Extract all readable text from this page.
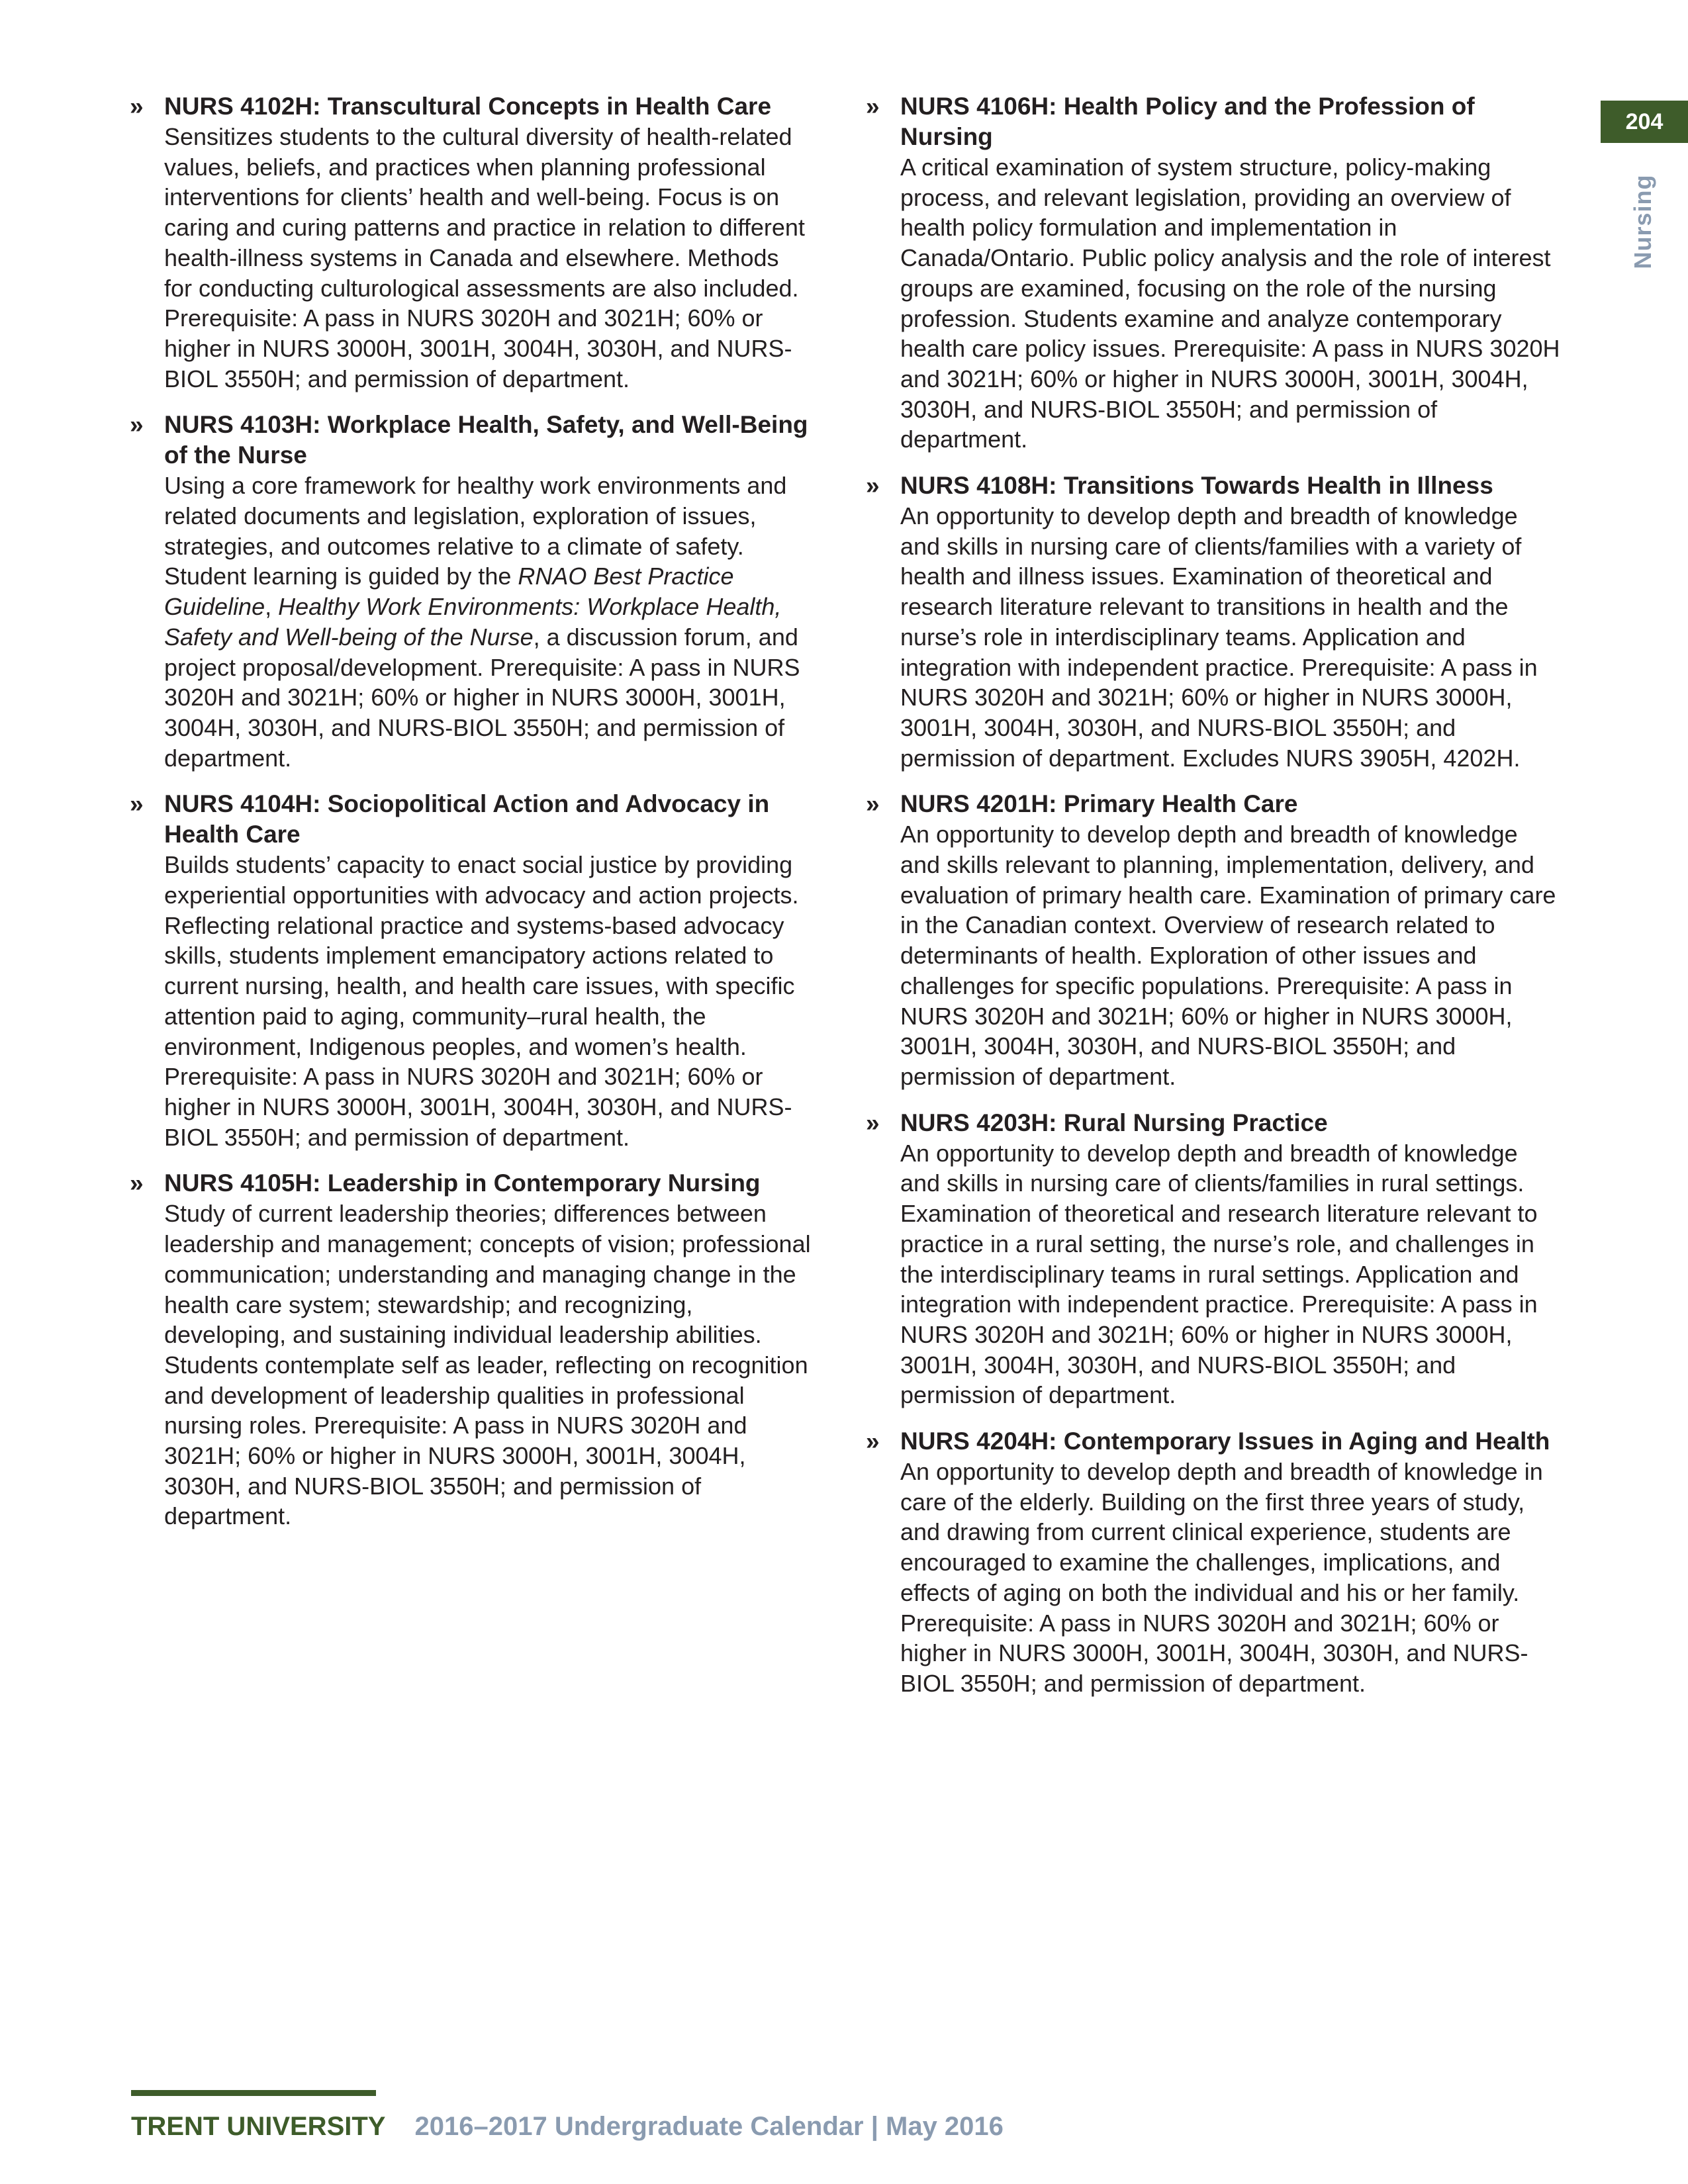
204
Nursing
» NURS 4102H: Transcultural Concepts in Health Care

Sensitizes students to the cultural diversity of health-related values, beliefs, and practices when planning professional interventions for clients’ health and well-being. Focus is on caring and curing patterns and practice in relation to different health-illness systems in Canada and elsewhere. Methods for conducting culturological assessments are also included. Prerequisite: A pass in NURS 3020H and 3021H; 60% or higher in NURS 3000H, 3001H, 3004H, 3030H, and NURS-BIOL 3550H; and permission of department.

» NURS 4103H: Workplace Health, Safety, and Well-Being of the Nurse

Using a core framework for healthy work environments and related documents and legislation, exploration of issues, strategies, and outcomes relative to a climate of safety. Student learning is guided by the RNAO Best Practice Guideline, Healthy Work Environments: Workplace Health, Safety and Well-being of the Nurse, a discussion forum, and project proposal/development. Prerequisite: A pass in NURS 3020H and 3021H; 60% or higher in NURS 3000H, 3001H, 3004H, 3030H, and NURS-BIOL 3550H; and permission of department.

» NURS 4104H: Sociopolitical Action and Advocacy in Health Care

Builds students’ capacity to enact social justice by providing experiential opportunities with advocacy and action projects. Reflecting relational practice and systems-based advocacy skills, students implement emancipatory actions related to current nursing, health, and health care issues, with specific attention paid to aging, community–rural health, the environment, Indigenous peoples, and women’s health. Prerequisite: A pass in NURS 3020H and 3021H; 60% or higher in NURS 3000H, 3001H, 3004H, 3030H, and NURS-BIOL 3550H; and permission of department.

» NURS 4105H: Leadership in Contemporary Nursing

Study of current leadership theories; differences between leadership and management; concepts of vision; professional communication; understanding and managing change in the health care system; stewardship; and recognizing, developing, and sustaining individual leadership abilities. Students contemplate self as leader, reflecting on recognition and development of leadership qualities in professional nursing roles. Prerequisite: A pass in NURS 3020H and 3021H; 60% or higher in NURS 3000H, 3001H, 3004H, 3030H, and NURS-BIOL 3550H; and permission of department.

» NURS 4106H: Health Policy and the Profession of Nursing

A critical examination of system structure, policy-making process, and relevant legislation, providing an overview of health policy formulation and implementation in Canada/Ontario. Public policy analysis and the role of interest groups are examined, focusing on the role of the nursing profession. Students examine and analyze contemporary health care policy issues. Prerequisite: A pass in NURS 3020H and 3021H; 60% or higher in NURS 3000H, 3001H, 3004H, 3030H, and NURS-BIOL 3550H; and permission of department.

» NURS 4108H: Transitions Towards Health in Illness

An opportunity to develop depth and breadth of knowledge and skills in nursing care of clients/families with a variety of health and illness issues. Examination of theoretical and research literature relevant to transitions in health and the nurse’s role in interdisciplinary teams. Application and integration with independent practice. Prerequisite: A pass in NURS 3020H and 3021H; 60% or higher in NURS 3000H, 3001H, 3004H, 3030H, and NURS-BIOL 3550H; and permission of department. Excludes NURS 3905H, 4202H.

» NURS 4201H: Primary Health Care

An opportunity to develop depth and breadth of knowledge and skills relevant to planning, implementation, delivery, and evaluation of primary health care. Examination of primary care in the Canadian context. Overview of research related to determinants of health. Exploration of other issues and challenges for specific populations. Prerequisite: A pass in NURS 3020H and 3021H; 60% or higher in NURS 3000H, 3001H, 3004H, 3030H, and NURS-BIOL 3550H; and permission of department.

» NURS 4203H: Rural Nursing Practice

An opportunity to develop depth and breadth of knowledge and skills in nursing care of clients/families in rural settings. Examination of theoretical and research literature relevant to practice in a rural setting, the nurse’s role, and challenges in the interdisciplinary teams in rural settings. Application and integration with independent practice. Prerequisite: A pass in NURS 3020H and 3021H; 60% or higher in NURS 3000H, 3001H, 3004H, 3030H, and NURS-BIOL 3550H; and permission of department.

» NURS 4204H: Contemporary Issues in Aging and Health

An opportunity to develop depth and breadth of knowledge in care of the elderly. Building on the first three years of study, and drawing from current clinical experience, students are encouraged to examine the challenges, implications, and effects of aging on both the individual and his or her family. Prerequisite: A pass in NURS 3020H and 3021H; 60% or higher in NURS 3000H, 3001H, 3004H, 3030H, and NURS-BIOL 3550H; and permission of department.

TRENT UNIVERSITY 2016–2017 Undergraduate Calendar | May 2016
